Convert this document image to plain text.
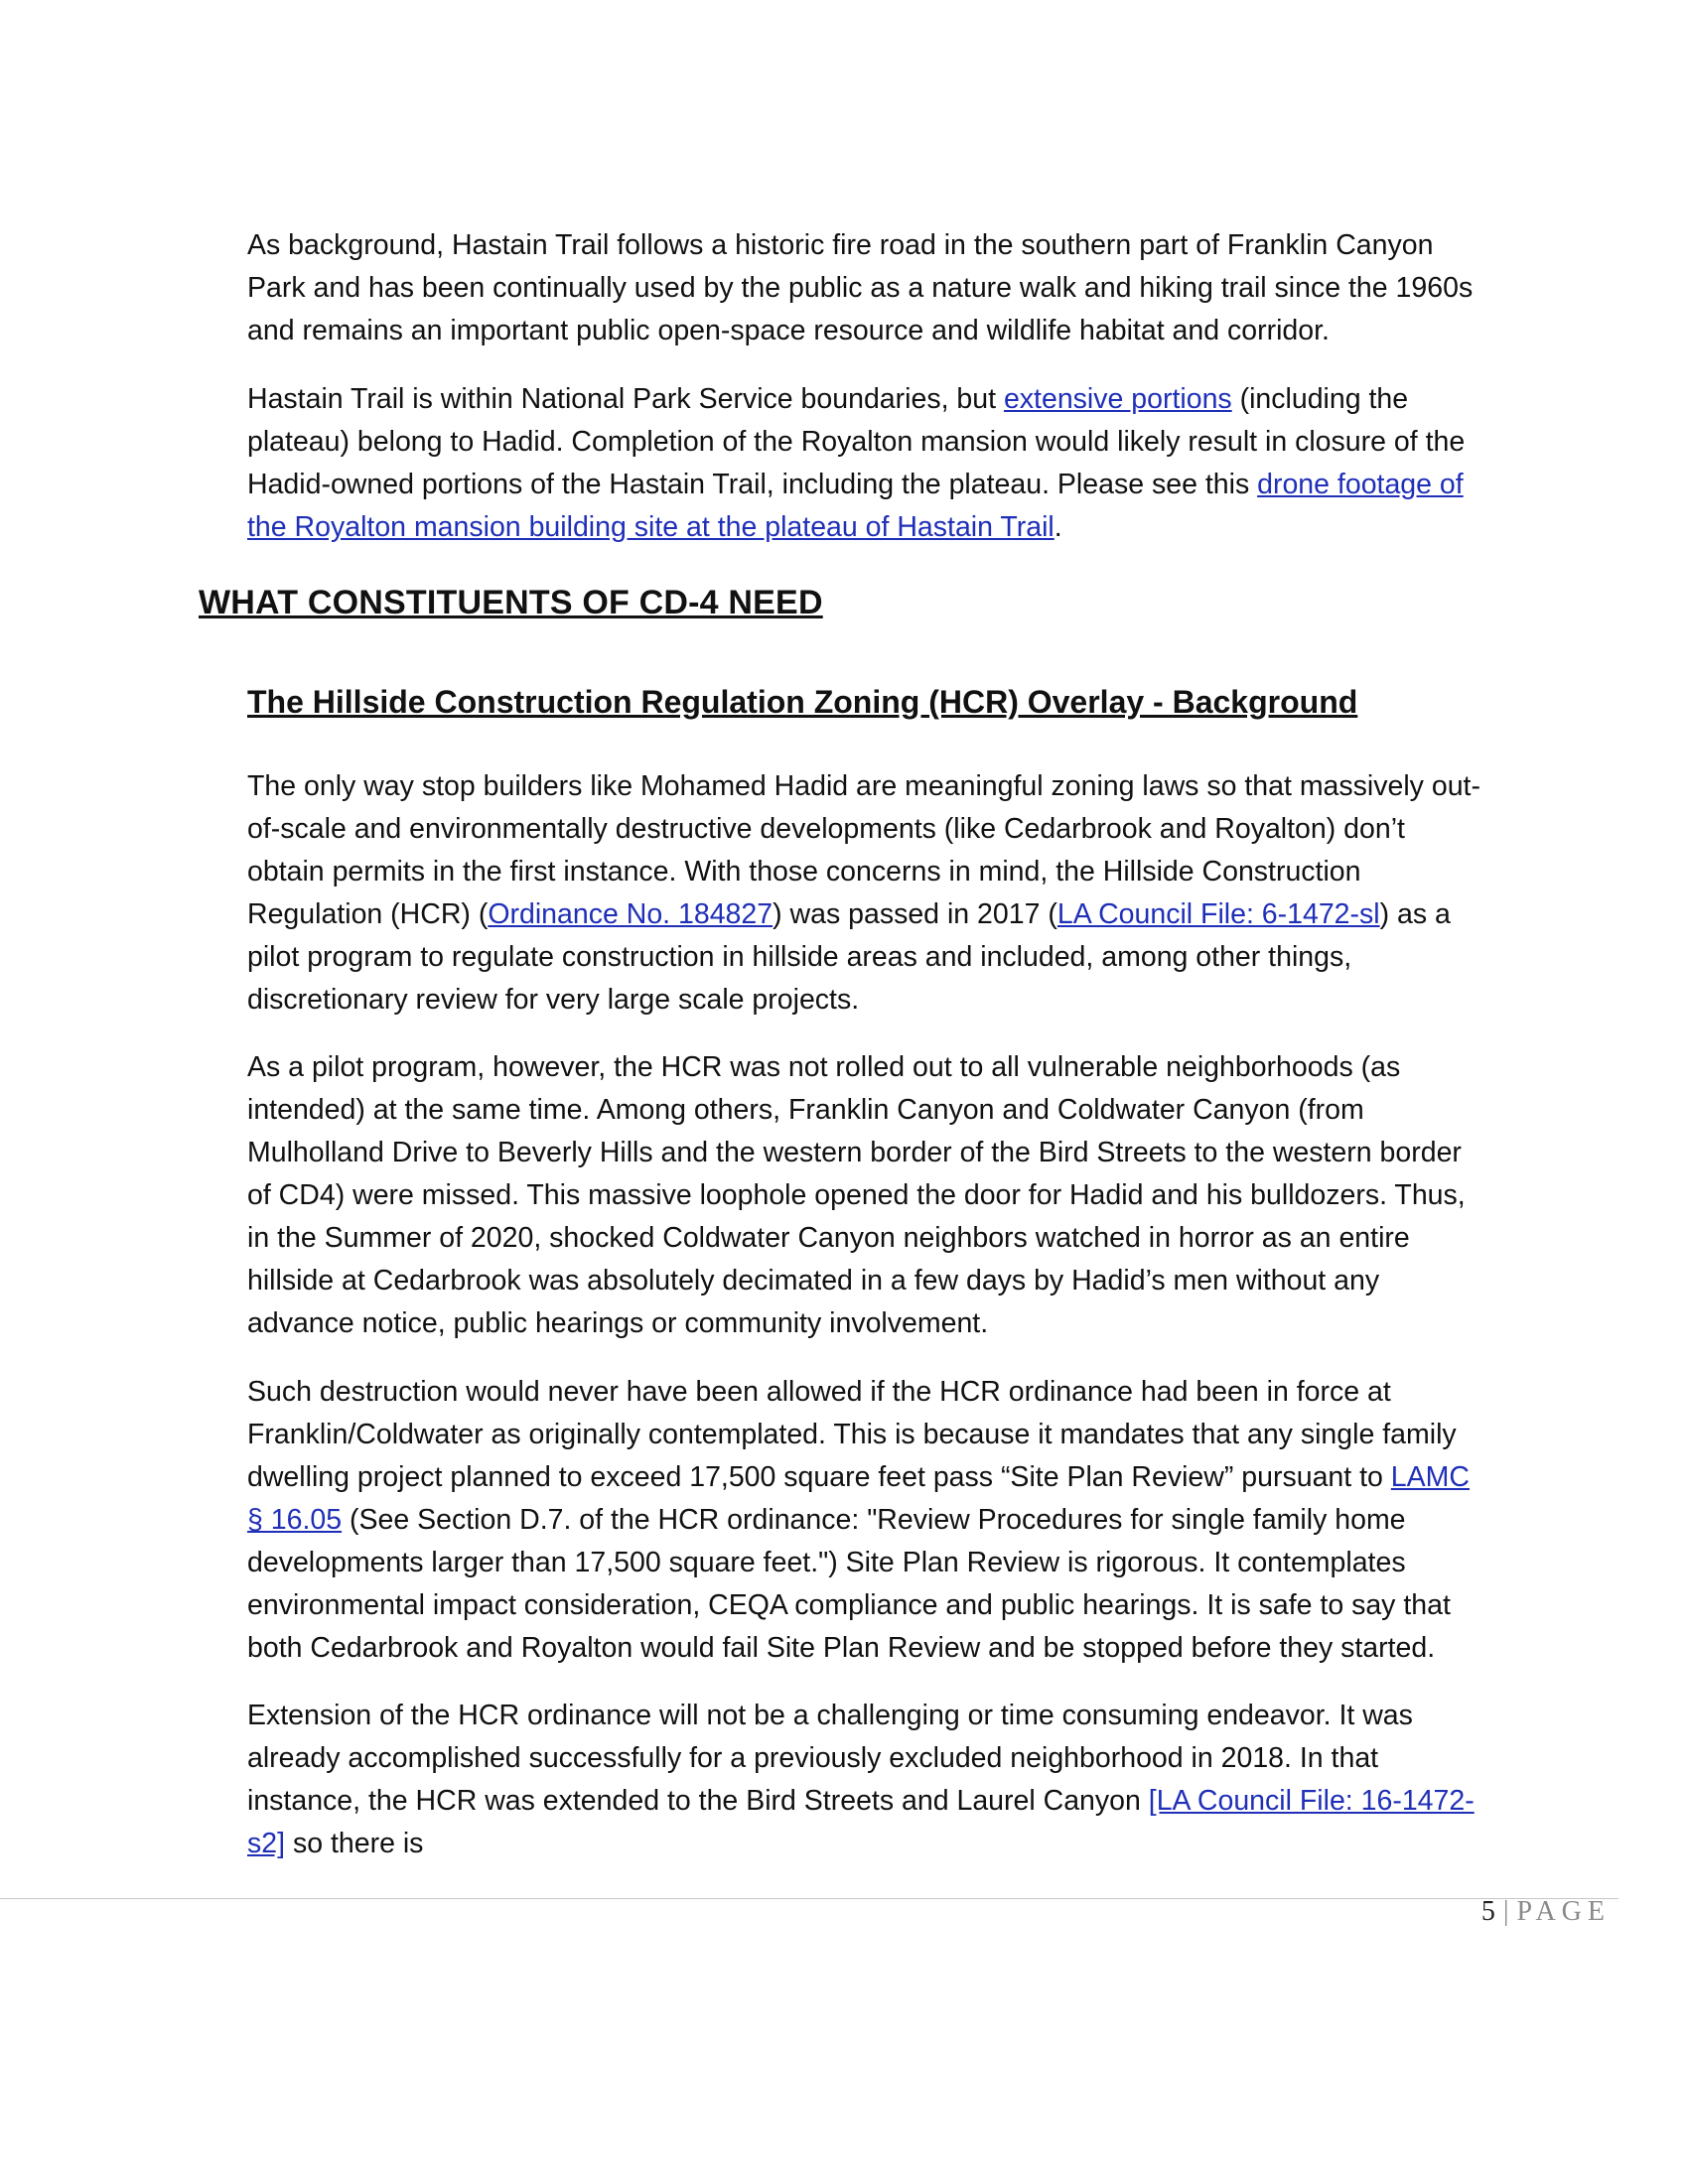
As background, Hastain Trail follows a historic fire road in the southern part of Franklin Canyon Park and has been continually used by the public as a nature walk and hiking trail since the 1960s and remains an important public open-space resource and wildlife habitat and corridor.

Hastain Trail is within National Park Service boundaries, but extensive portions (including the plateau) belong to Hadid. Completion of the Royalton mansion would likely result in closure of the Hadid-owned portions of the Hastain Trail, including the plateau. Please see this drone footage of the Royalton mansion building site at the plateau of Hastain Trail.

WHAT CONSTITUENTS OF CD-4 NEED
The Hillside Construction Regulation Zoning (HCR) Overlay - Background

The only way stop builders like Mohamed Hadid are meaningful zoning laws so that massively out-of-scale and environmentally destructive developments (like Cedarbrook and Royalton) don’t obtain permits in the first instance. With those concerns in mind, the Hillside Construction Regulation (HCR) (Ordinance No. 184827) was passed in 2017 (LA Council File: 6-1472-sl) as a pilot program to regulate construction in hillside areas and included, among other things, discretionary review for very large scale projects.

As a pilot program, however, the HCR was not rolled out to all vulnerable neighborhoods (as intended) at the same time. Among others, Franklin Canyon and Coldwater Canyon (from Mulholland Drive to Beverly Hills and the western border of the Bird Streets to the western border of CD4) were missed. This massive loophole opened the door for Hadid and his bulldozers. Thus, in the Summer of 2020, shocked Coldwater Canyon neighbors watched in horror as an entire hillside at Cedarbrook was absolutely decimated in a few days by Hadid’s men without any advance notice, public hearings or community involvement.

Such destruction would never have been allowed if the HCR ordinance had been in force at Franklin/Coldwater as originally contemplated. This is because it mandates that any single family dwelling project planned to exceed 17,500 square feet pass “Site Plan Review” pursuant to LAMC § 16.05 (See Section D.7. of the HCR ordinance: "Review Procedures for single family home developments larger than 17,500 square feet.") Site Plan Review is rigorous. It contemplates environmental impact consideration, CEQA compliance and public hearings. It is safe to say that both Cedarbrook and Royalton would fail Site Plan Review and be stopped before they started.

Extension of the HCR ordinance will not be a challenging or time consuming endeavor. It was already accomplished successfully for a previously excluded neighborhood in 2018. In that instance, the HCR was extended to the Bird Streets and Laurel Canyon [LA Council File: 16-1472-s2] so there is

5 | PAGE
